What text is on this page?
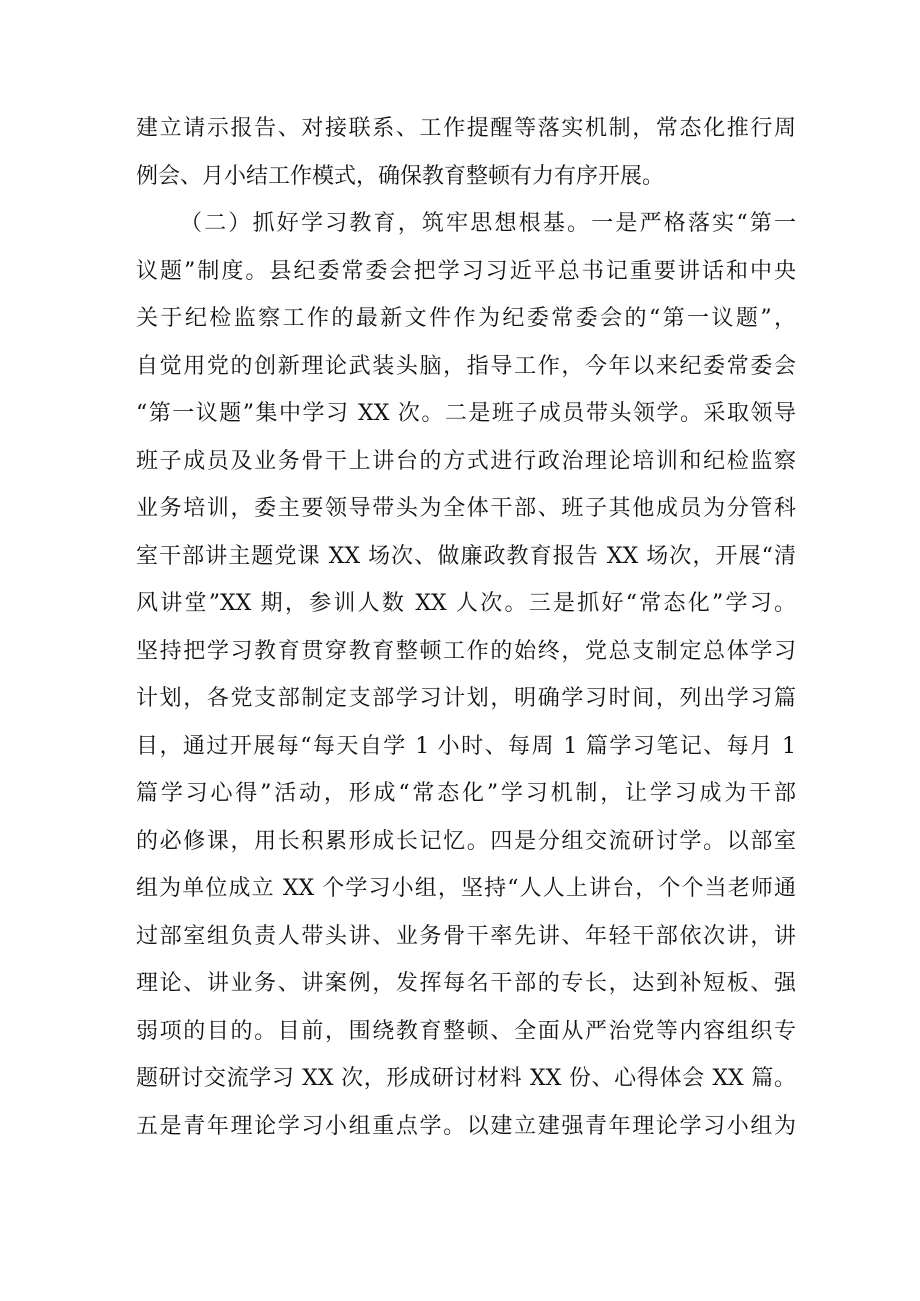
建立请示报告、对接联系、工作提醒等落实机制，常态化推行周
例会、月小结工作模式，确保教育整顿有力有序开展。
（二）抓好学习教育，筑牢思想根基。一是严格落实“第一
议题”制度。县纪委常委会把学习习近平总书记重要讲话和中央
关于纪检监察工作的最新文件作为纪委常委会的“第一议题”，
自觉用党的创新理论武装头脑，指导工作，今年以来纪委常委会
“第一议题”集中学习 XX 次。二是班子成员带头领学。采取领导
班子成员及业务骨干上讲台的方式进行政治理论培训和纪检监察
业务培训，委主要领导带头为全体干部、班子其他成员为分管科
室干部讲主题党课 XX 场次、做廉政教育报告 XX 场次，开展“清
风讲堂”XX 期，参训人数 XX 人次。三是抓好“常态化”学习。
坚持把学习教育贯穿教育整顿工作的始终，党总支制定总体学习
计划，各党支部制定支部学习计划，明确学习时间，列出学习篇
目，通过开展每“每天自学 1 小时、每周 1 篇学习笔记、每月 1
篇学习心得”活动，形成“常态化”学习机制，让学习成为干部
的必修课，用长积累形成长记忆。四是分组交流研讨学。以部室
组为单位成立 XX 个学习小组，坚持“人人上讲台，个个当老师通
过部室组负责人带头讲、业务骨干率先讲、年轻干部依次讲，讲
理论、讲业务、讲案例，发挥每名干部的专长，达到补短板、强
弱项的目的。目前，围绕教育整顿、全面从严治党等内容组织专
题研讨交流学习 XX 次，形成研讨材料 XX 份、心得体会 XX 篇。
五是青年理论学习小组重点学。以建立建强青年理论学习小组为
